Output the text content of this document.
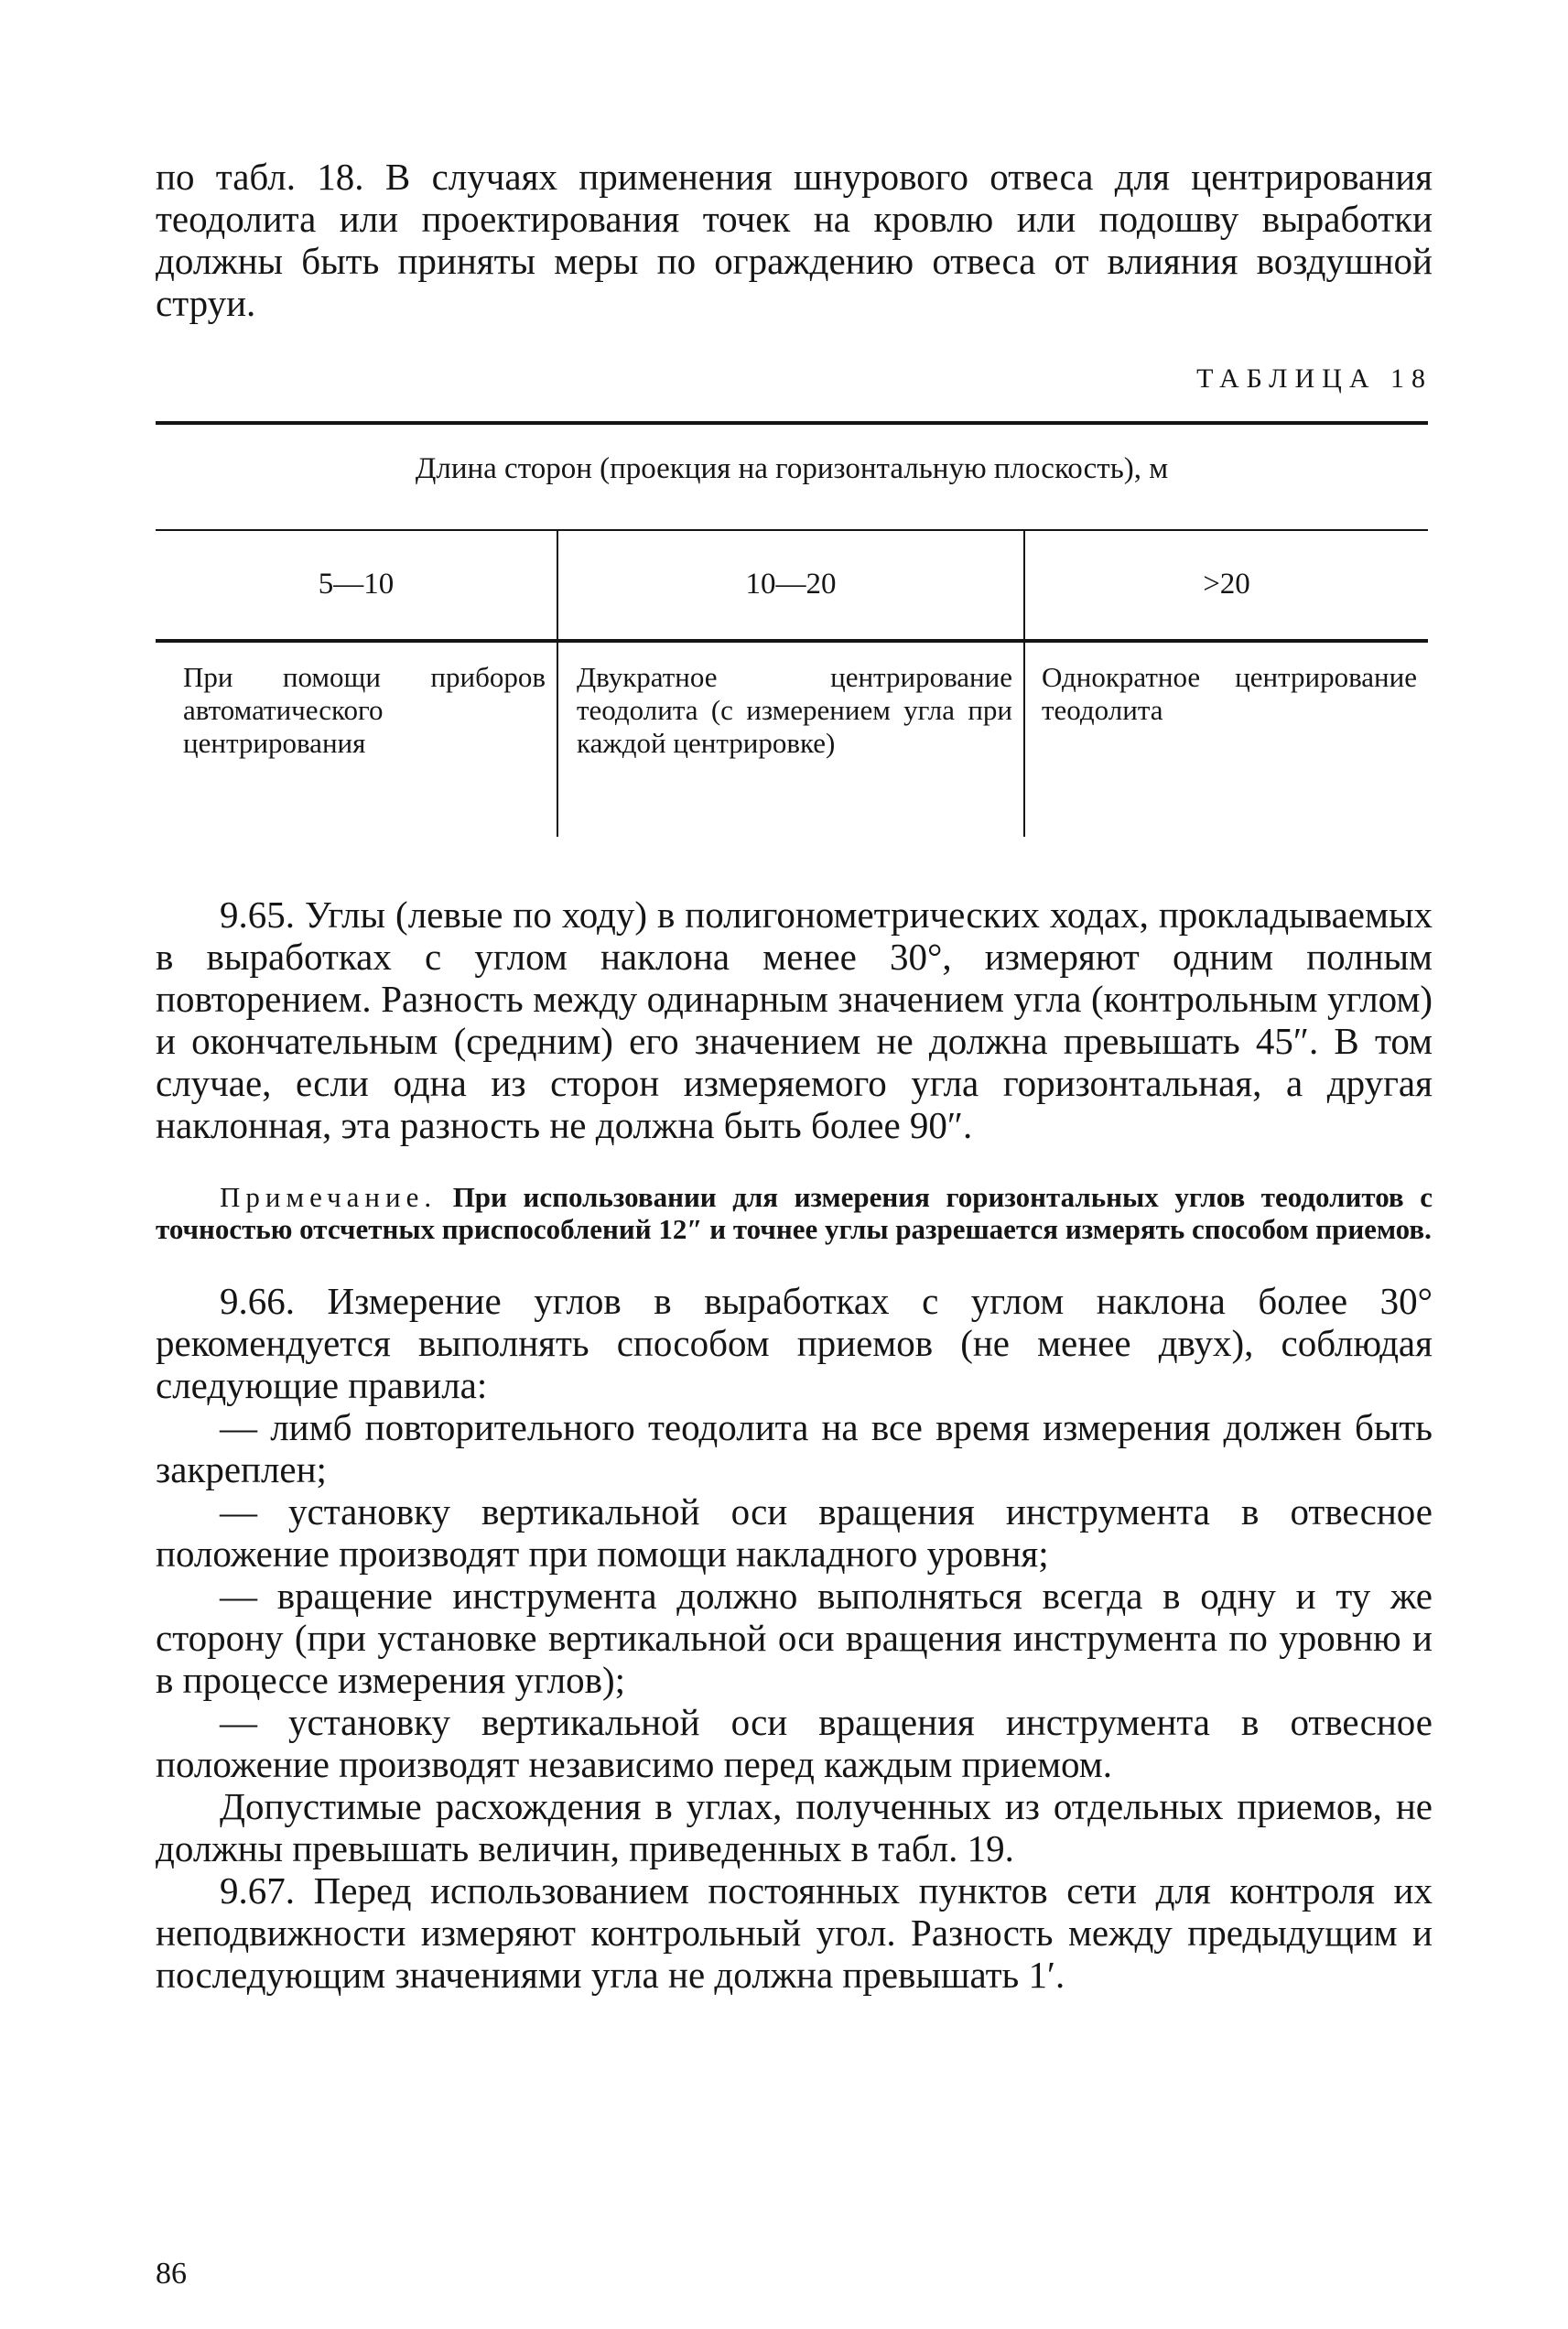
по табл. 18. В случаях применения шнурового отвеса для центрирования теодолита или проектирования точек на кровлю или подошву выработки должны быть приняты меры по ограждению отвеса от влияния воздушной струи.

ТАБЛИЦА 18
Длина сторон (проекция на горизонтальную плоскость), м
5—10	10—20	>20
При помощи приборов автоматического центрирования
Двукратное центрирование теодолита (с измерением угла при каждой центрировке)
Однократное центрирование теодолита

9.65. Углы (левые по ходу) в полигонометрических ходах, прокладываемых в выработках с углом наклона менее 30°, измеряют одним полным повторением. Разность между одинарным значением угла (контрольным углом) и окончательным (средним) его значением не должна превышать 45″. В том случае, если одна из сторон измеряемого угла горизонтальная, а другая наклонная, эта разность не должна быть более 90″.

Примечание. При использовании для измерения горизонтальных углов теодолитов с точностью отсчетных приспособлений 12″ и точнее углы разрешается измерять способом приемов.

9.66. Измерение углов в выработках с углом наклона более 30° рекомендуется выполнять способом приемов (не менее двух), соблюдая следующие правила:

— лимб повторительного теодолита на все время измерения должен быть закреплен;

— установку вертикальной оси вращения инструмента в отвесное положение производят при помощи накладного уровня;

— вращение инструмента должно выполняться всегда в одну и ту же сторону (при установке вертикальной оси вращения инструмента по уровню и в процессе измерения углов);

— установку вертикальной оси вращения инструмента в отвесное положение производят независимо перед каждым приемом.

Допустимые расхождения в углах, полученных из отдельных приемов, не должны превышать величин, приведенных в табл. 19.

9.67. Перед использованием постоянных пунктов сети для контроля их неподвижности измеряют контрольный угол. Разность между предыдущим и последующим значениями угла не должна превышать 1′.

86
